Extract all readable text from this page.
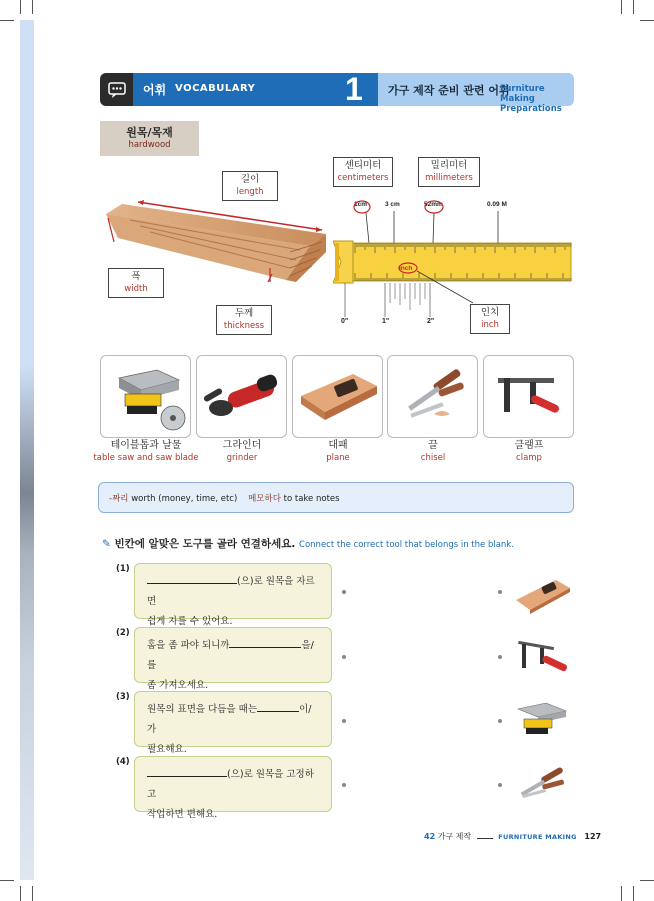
어휘 VOCABULARY	1 가구 제작 준비 관련 어휘
Furniture Making Preparations
원목/목재
hardwood
길이
length
폭
width
두께
thickness
센티미터
centimeters
밀리미터
millimeters
1cm	3 cm	52mm	0.09 M
inch
0"	1"	2"
인치
inch
테이블톱과 날물
table saw and saw blade
그라인더
grinder
대패
plane
끌
chisel
클램프
clamp
-짜리 worth (money, time, etc) 메모하다 to take notes
✎ 빈칸에 알맞은 도구를 골라 연결하세요. Connect the correct tool that belongs in the blank.
(1)
(으)로 원목을 자르면
쉽게 자를 수 있어요.
(2)
홈을 좀 파야 되니까	을/를
좀 가져오세요.
(3)
원목의 표면을 다듬을 때는	이/가
필요해요.
(4)
(으)로 원목을 고정하고
작업하면 편해요.
42 가구 제작	FURNITURE MAKING 127
